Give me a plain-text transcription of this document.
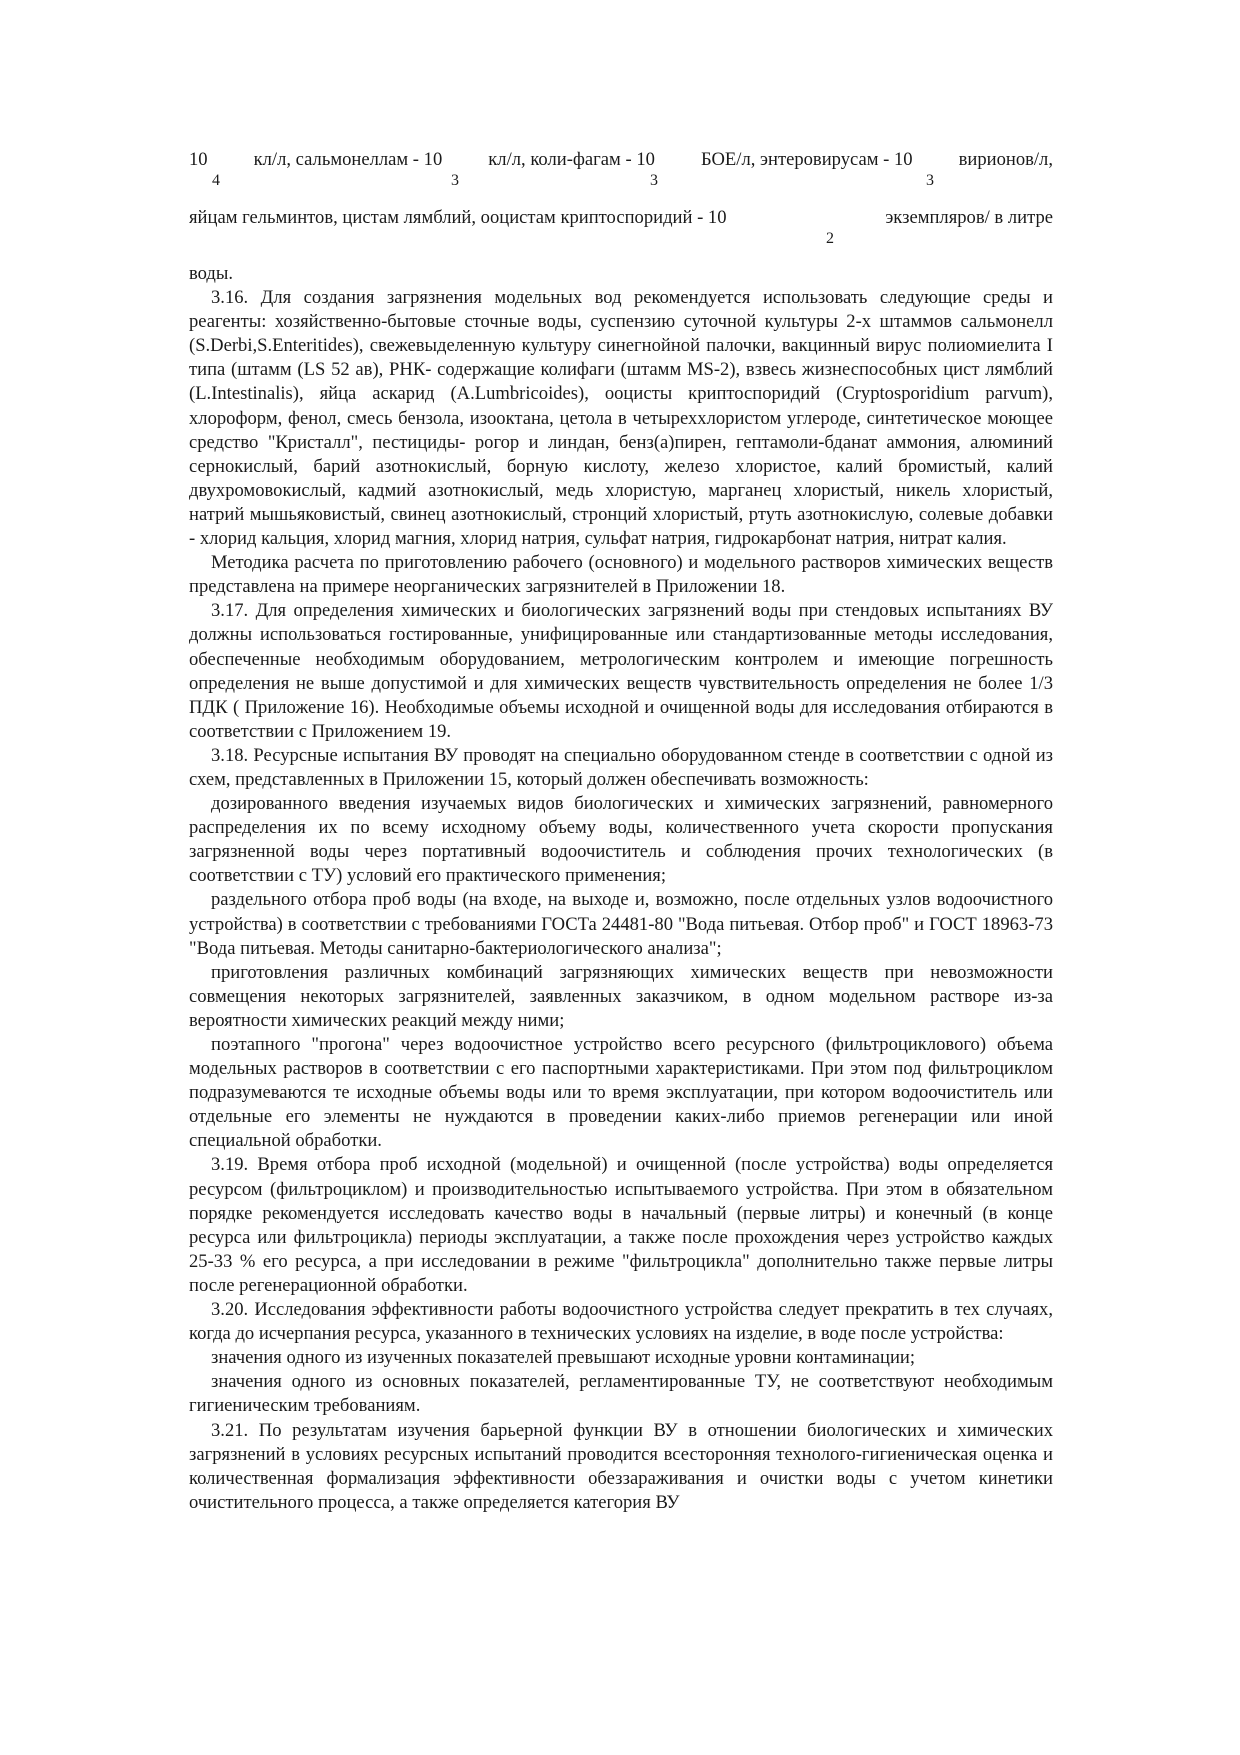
10 кл/л, сальмонеллам - 10 кл/л, коли-фагам - 10 БОЕ/л, энтеровирусам - 10 вирионов/л,
4	3	3	3
яйцам гельминтов, цистам лямблий, ооцистам криптоспоридий - 10	экземпляров/ в литре
2

воды.

3.16. Для создания загрязнения модельных вод рекомендуется использовать следующие среды и реагенты: хозяйственно-бытовые сточные воды, суспензию суточной культуры 2-х штаммов сальмонелл (S.Derbi,S.Enteritides), свежевыделенную культуру синегнойной палочки, вакцинный вирус полиомиелита I типа (штамм (LS 52 ав), РНК- содержащие колифаги (штамм MS-2), взвесь жизнеспособных цист лямблий (L.Intestinalis), яйца аскарид (A.Lumbricoides), ооцисты криптоспоридий (Cryptosporidium parvum), хлороформ, фенол, смесь бензола, изооктана, цетола в четыреххлористом углероде, синтетическое моющее средство "Кристалл", пестициды- рогор и линдан, бенз(а)пирен, гептамоли-бданат аммония, алюминий сернокислый, барий азотнокислый, борную кислоту, железо хлористое, калий бромистый, калий двухромовокислый, кадмий азотнокислый, медь хлористую, марганец хлористый, никель хлористый, натрий мышьяковистый, свинец азотнокислый, стронций хлористый, ртуть азотнокислую, солевые добавки - хлорид кальция, хлорид магния, хлорид натрия, сульфат натрия, гидрокарбонат натрия, нитрат калия.

Методика расчета по приготовлению рабочего (основного) и модельного растворов химических веществ представлена на примере неорганических загрязнителей в Приложении 18.

3.17. Для определения химических и биологических загрязнений воды при стендовых испытаниях ВУ должны использоваться гостированные, унифицированные или стандартизованные методы исследования, обеспеченные необходимым оборудованием, метрологическим контролем и имеющие погрешность определения не выше допустимой и для химических веществ чувствительность определения не более 1/3 ПДК ( Приложение 16). Необходимые объемы исходной и очищенной воды для исследования отбираются в соответствии с Приложением 19.

3.18. Ресурсные испытания ВУ проводят на специально оборудованном стенде в соответствии с одной из схем, представленных в Приложении 15, который должен обеспечивать возможность:

дозированного введения изучаемых видов биологических и химических загрязнений, равномерного распределения их по всему исходному объему воды, количественного учета скорости пропускания загрязненной воды через портативный водоочиститель и соблюдения прочих технологических (в соответствии с ТУ) условий его практического применения;

раздельного отбора проб воды (на входе, на выходе и, возможно, после отдельных узлов водоочистного устройства) в соответствии с требованиями ГОСТа 24481-80 "Вода питьевая. Отбор проб" и ГОСТ 18963-73 "Вода питьевая. Методы санитарно-бактериологического анализа";

приготовления различных комбинаций загрязняющих химических веществ при невозможности совмещения некоторых загрязнителей, заявленных заказчиком, в одном модельном растворе из-за вероятности химических реакций между ними;

поэтапного "прогона" через водоочистное устройство всего ресурсного (фильтроциклового) объема модельных растворов в соответствии с его паспортными характеристиками. При этом под фильтроциклом подразумеваются те исходные объемы воды или то время эксплуатации, при котором водоочиститель или отдельные его элементы не нуждаются в проведении каких-либо приемов регенерации или иной специальной обработки.

3.19. Время отбора проб исходной (модельной) и очищенной (после устройства) воды определяется ресурсом (фильтроциклом) и производительностью испытываемого устройства. При этом в обязательном порядке рекомендуется исследовать качество воды в начальный (первые литры) и конечный (в конце ресурса или фильтроцикла) периоды эксплуатации, а также после прохождения через устройство каждых 25-33 % его ресурса, а при исследовании в режиме "фильтроцикла" дополнительно также первые литры после регенерационной обработки.

3.20. Исследования эффективности работы водоочистного устройства следует прекратить в тех случаях, когда до исчерпания ресурса, указанного в технических условиях на изделие, в воде после устройства:

значения одного из изученных показателей превышают исходные уровни контаминации;

значения одного из основных показателей, регламентированные ТУ, не соответствуют необходимым гигиеническим требованиям.

3.21. По результатам изучения барьерной функции ВУ в отношении биологических и химических загрязнений в условиях ресурсных испытаний проводится всесторонняя технолого-гигиеническая оценка и количественная формализация эффективности обеззараживания и очистки воды с учетом кинетики очистительного процесса, а также определяется категория ВУ
